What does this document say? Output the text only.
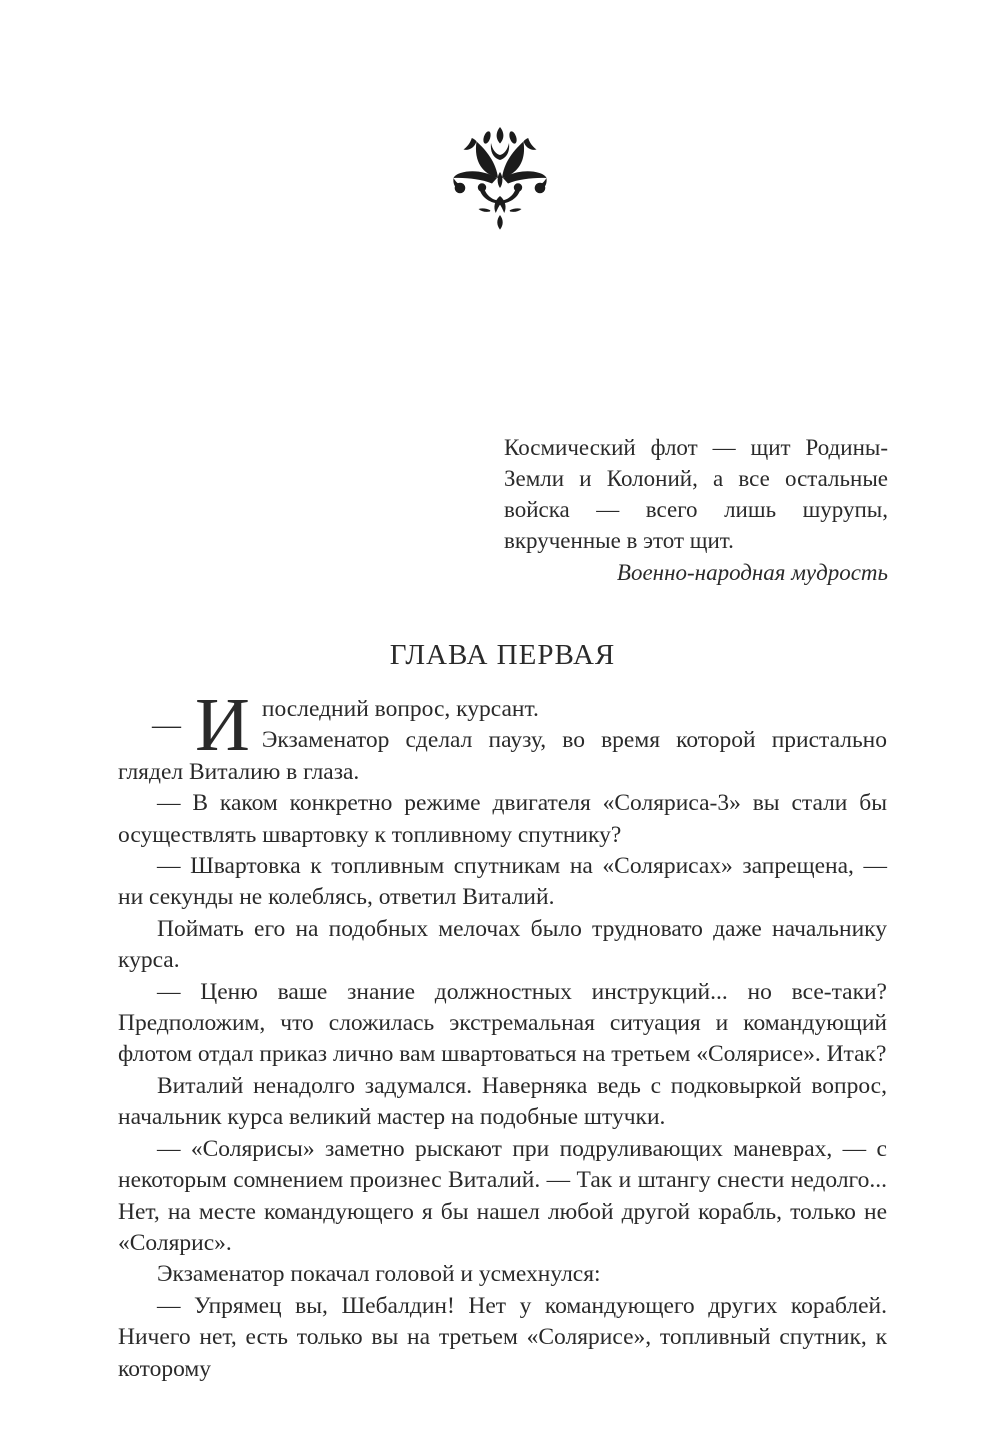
Космический флот — щит Родины-Земли и Колоний, а все остальные войска — всего лишь шурупы, вкрученные в этот щит.
Военно-народная мудрость
ГЛАВА ПЕРВАЯ
— И последний вопрос, курсант.

Экзаменатор сделал паузу, во время которой пристально глядел Виталию в глаза.

— В каком конкретно режиме двигателя «Соляриса-3» вы стали бы осуществлять швартовку к топливному спутнику?

— Швартовка к топливным спутникам на «Солярисах» запрещена, — ни секунды не колеблясь, ответил Виталий.

Поймать его на подобных мелочах было трудновато даже начальнику курса.

— Ценю ваше знание должностных инструкций... но все-таки? Предположим, что сложилась экстремальная ситуация и командующий флотом отдал приказ лично вам швартоваться на третьем «Солярисе». Итак?

Виталий ненадолго задумался. Наверняка ведь с подковыркой вопрос, начальник курса великий мастер на подобные штучки.

— «Солярисы» заметно рыскают при подруливающих маневрах, — с некоторым сомнением произнес Виталий. — Так и штангу снести недолго... Нет, на месте командующего я бы нашел любой другой корабль, только не «Солярис».

Экзаменатор покачал головой и усмехнулся:

— Упрямец вы, Шебалдин! Нет у командующего других кораблей. Ничего нет, есть только вы на третьем «Солярисе», топливный спутник, к которому
